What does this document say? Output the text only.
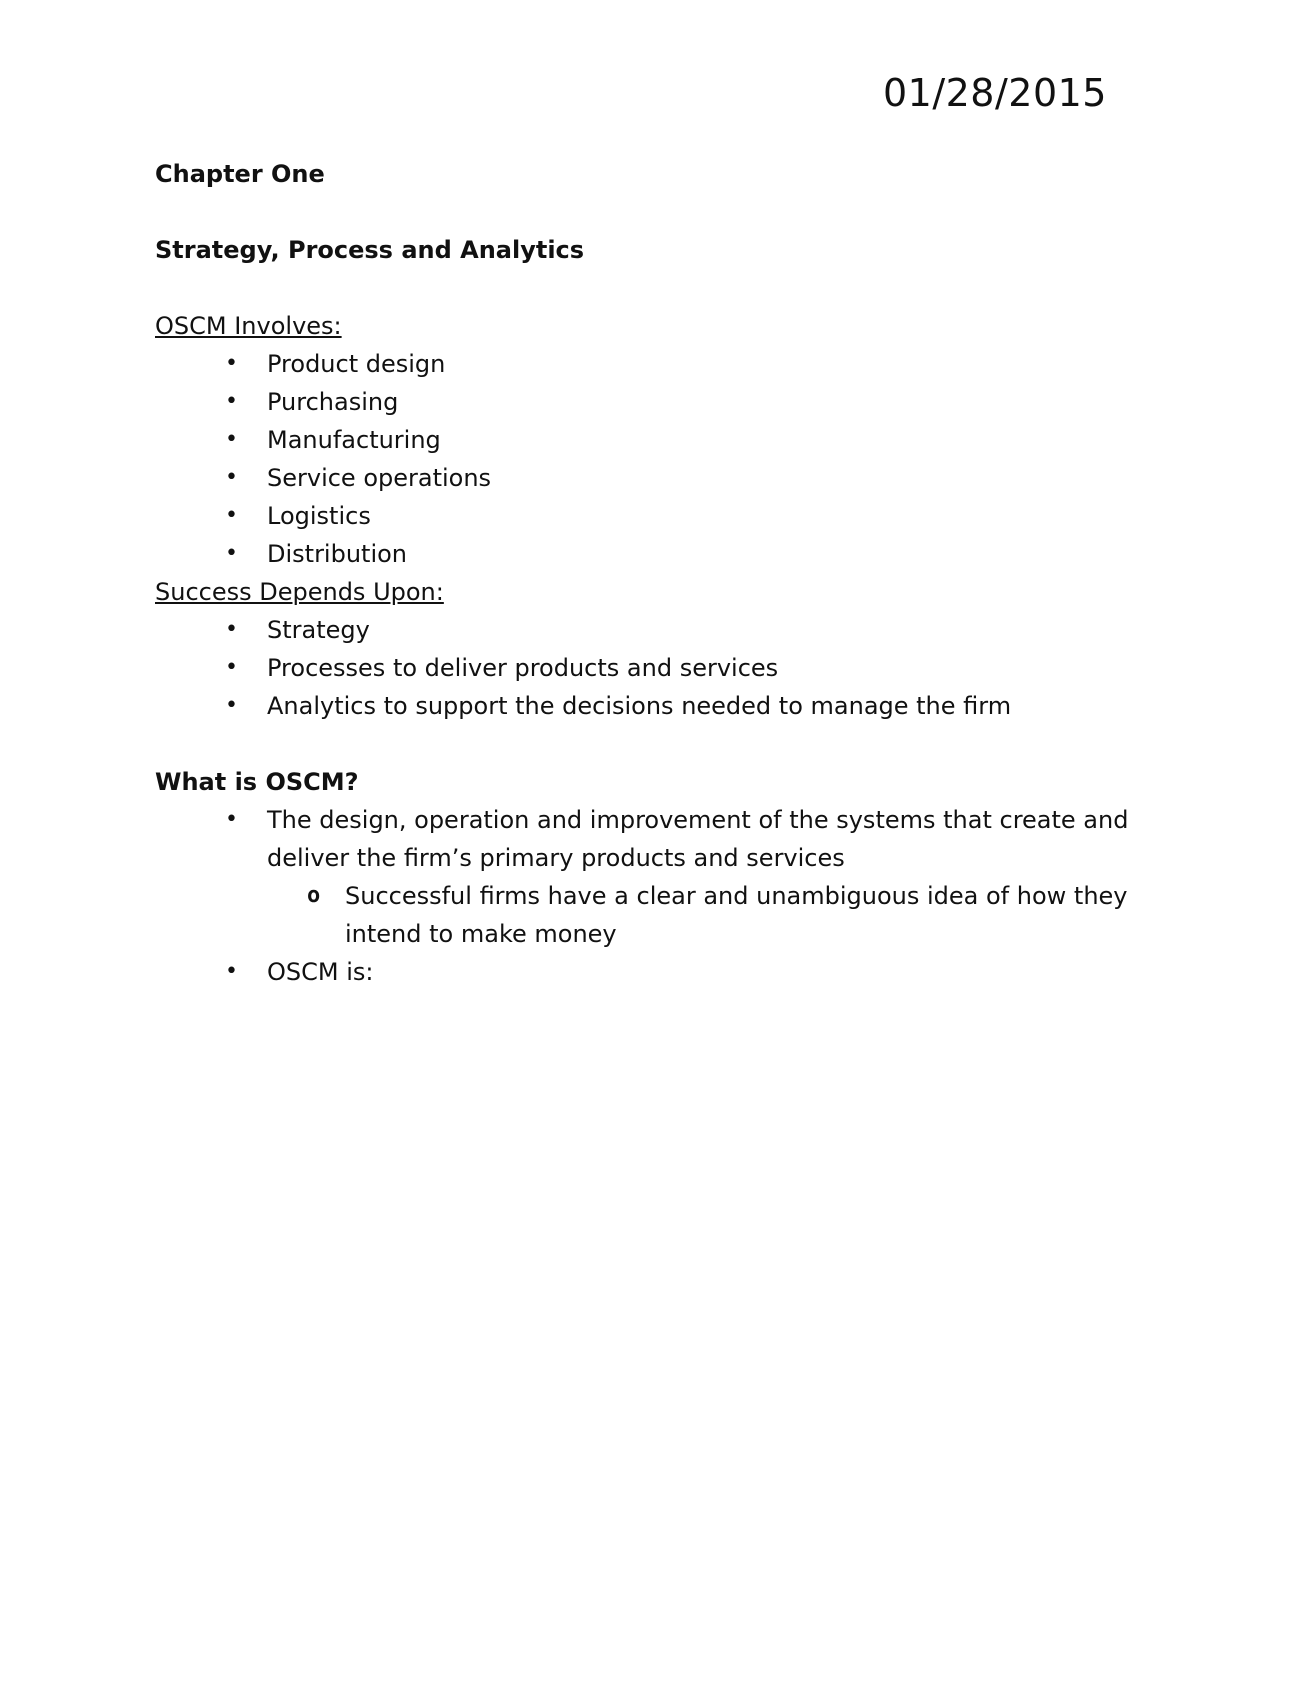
01/28/2015

Chapter One

Strategy, Process and Analytics

OSCM Involves:

• Product design
• Purchasing
• Manufacturing
• Service operations
• Logistics
• Distribution

Success Depends Upon:

• Strategy
• Processes to deliver products and services
• Analytics to support the decisions needed to manage the firm

What is OSCM?

• The design, operation and improvement of the systems that create and deliver the firm’s primary products and services
o Successful firms have a clear and unambiguous idea of how they intend to make money
• OSCM is:
